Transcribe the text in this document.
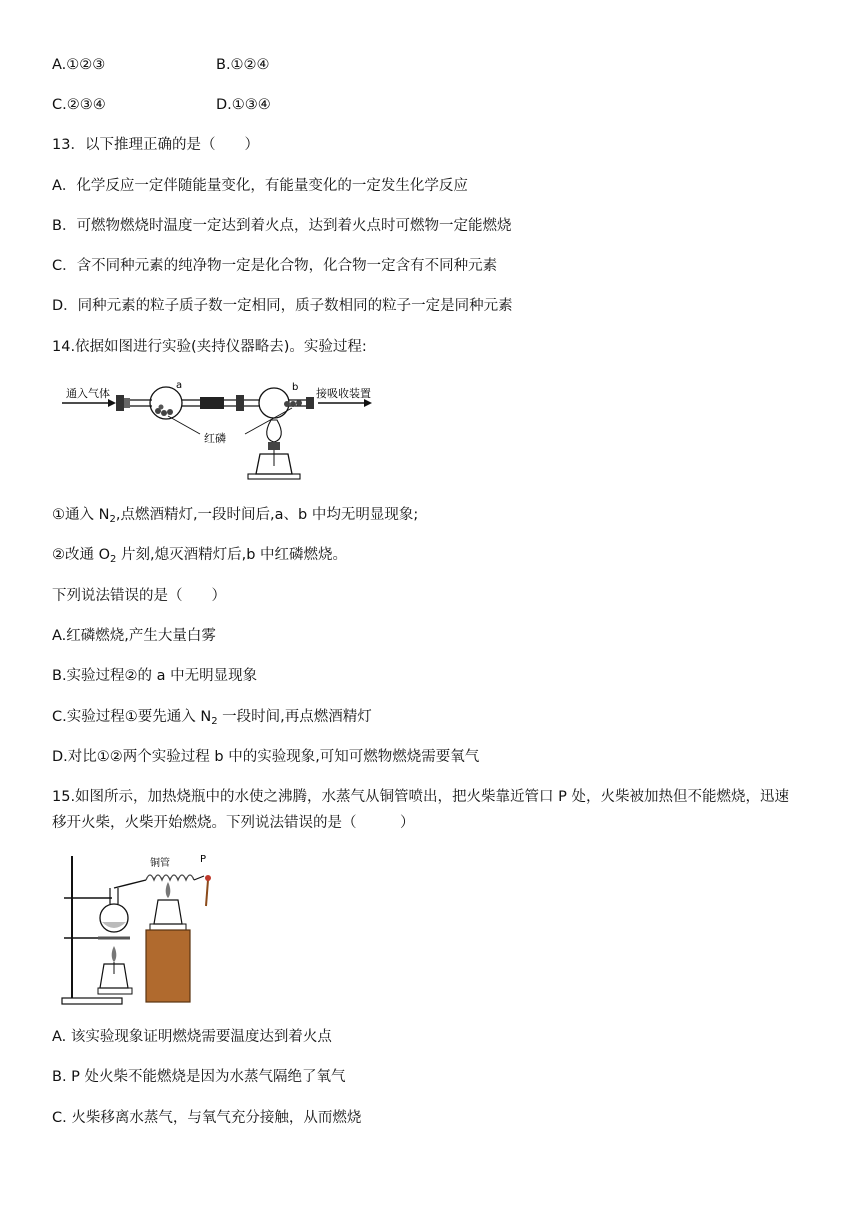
A.①②③	B.①②④
C.②③④	D.①③④
13．以下推理正确的是（　　）
A．化学反应一定伴随能量变化，有能量变化的一定发生化学反应
B．可燃物燃烧时温度一定达到着火点，达到着火点时可燃物一定能燃烧
C．含不同种元素的纯净物一定是化合物，化合物一定含有不同种元素
D．同种元素的粒子质子数一定相同，质子数相同的粒子一定是同种元素
14.依据如图进行实验(夹持仪器略去)。实验过程:
通入气体
a	b 接吸收装置
红磷
①通入 $N_2$,点燃酒精灯,一段时间后,a、b 中均无明显现象;
②改通 $O_2$ 片刻,熄灭酒精灯后,b 中红磷燃烧。
下列说法错误的是（　　）
A.红磷燃烧,产生大量白雾
B.实验过程②的 a 中无明显现象
C.实验过程①要先通入 $N_2$ 一段时间,再点燃酒精灯
D.对比①②两个实验过程 b 中的实验现象,可知可燃物燃烧需要氧气
15.如图所示，加热烧瓶中的水使之沸腾，水蒸气从铜管喷出，把火柴靠近管口 P 处，火柴被加热但不能燃烧，迅速
移开火柴，火柴开始燃烧。下列说法错误的是（　　　）
铜管	P
A. 该实验现象证明燃烧需要温度达到着火点
B. P 处火柴不能燃烧是因为水蒸气隔绝了氧气
C. 火柴移离水蒸气，与氧气充分接触，从而燃烧
